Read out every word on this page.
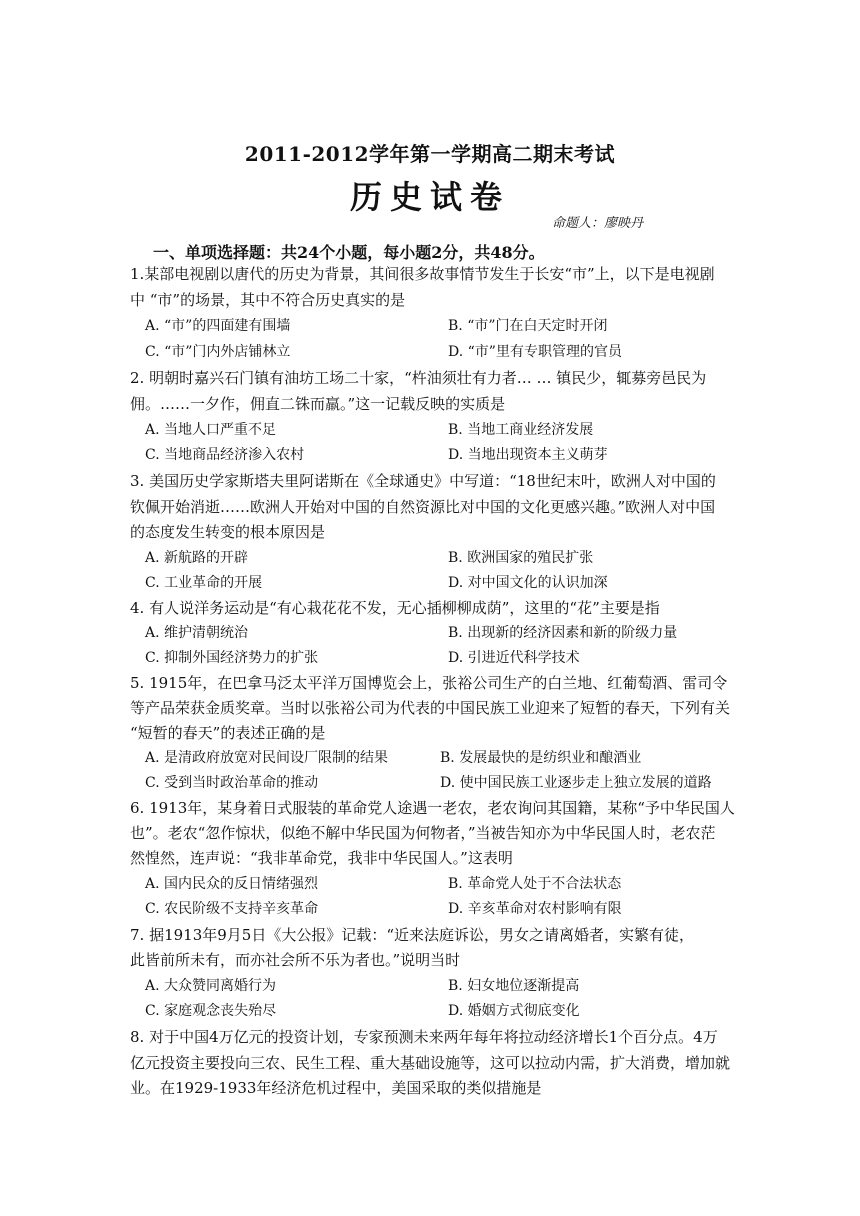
2011-2012学年第一学期高二期末考试
历史试卷
命题人：廖映丹
一、单项选择题：共24个小题，每小题2分，共48分。
1.某部电视剧以唐代的历史为背景，其间很多故事情节发生于长安“市”上，以下是电视剧
中 “市”的场景，其中不符合历史真实的是
A. “市”的四面建有围墙	B. “市”门在白天定时开闭
C. “市”门内外店铺林立	D. “市”里有专职管理的官员
2. 明朝时嘉兴石门镇有油坊工场二十家，“杵油须壮有力者… … 镇民少，辄募旁邑民为
佣。……一夕作，佣直二铢而羸。”这一记载反映的实质是
A. 当地人口严重不足	B. 当地工商业经济发展
C. 当地商品经济渗入农村	D. 当地出现资本主义萌芽
3. 美国历史学家斯塔夫里阿诺斯在《全球通史》中写道：“18世纪末叶，欧洲人对中国的
钦佩开始消逝……欧洲人开始对中国的自然资源比对中国的文化更感兴趣。”欧洲人对中国
的态度发生转变的根本原因是
A. 新航路的开辟	B. 欧洲国家的殖民扩张
C. 工业革命的开展	D. 对中国文化的认识加深
4. 有人说洋务运动是“有心栽花花不发，无心插柳柳成荫”，这里的“花”主要是指
A. 维护清朝统治	B. 出现新的经济因素和新的阶级力量
C. 抑制外国经济势力的扩张	D. 引进近代科学技术
5. 1915年，在巴拿马泛太平洋万国博览会上，张裕公司生产的白兰地、红葡萄酒、雷司令
等产品荣获金质奖章。当时以张裕公司为代表的中国民族工业迎来了短暂的春天，下列有关
“短暂的春天”的表述正确的是
A. 是清政府放宽对民间设厂限制的结果	B. 发展最快的是纺织业和酿酒业
C. 受到当时政治革命的推动	D. 使中国民族工业逐步走上独立发展的道路
6. 1913年，某身着日式服装的革命党人途遇一老农，老农询问其国籍，某称“予中华民国人
也”。老农“忽作惊状，似绝不解中华民国为何物者，”当被告知亦为中华民国人时，老农茫
然惶然，连声说：“我非革命党，我非中华民国人。”这表明
A. 国内民众的反日情绪强烈	B. 革命党人处于不合法状态
C. 农民阶级不支持辛亥革命	D. 辛亥革命对农村影响有限
7. 据1913年9月5日《大公报》记载：“近来法庭诉讼，男女之请离婚者，实繁有徒，
此皆前所未有，而亦社会所不乐为者也。”说明当时
A. 大众赞同离婚行为	B. 妇女地位逐渐提高
C. 家庭观念丧失殆尽	D. 婚姻方式彻底变化
8. 对于中国4万亿元的投资计划，专家预测未来两年每年将拉动经济增长1个百分点。4万
亿元投资主要投向三农、民生工程、重大基础设施等，这可以拉动内需，扩大消费，增加就
业。在1929-1933年经济危机过程中，美国采取的类似措施是
